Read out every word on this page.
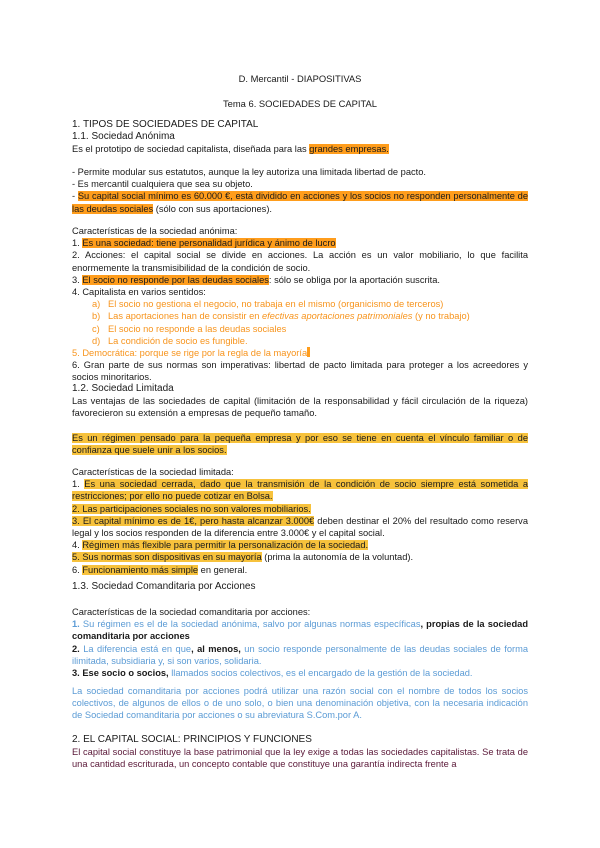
D. Mercantil - DIAPOSITIVAS
Tema 6. SOCIEDADES DE CAPITAL

1. TIPOS DE SOCIEDADES DE CAPITAL

1.1. Sociedad Anónima

Es el prototipo de sociedad capitalista, diseñada para las grandes empresas.

- Permite modular sus estatutos, aunque la ley autoriza una limitada libertad de pacto.

- Es mercantil cualquiera que sea su objeto.

- Su capital social mínimo es 60.000 €, está dividido en acciones y los socios no responden personalmente de las deudas sociales (sólo con sus aportaciones).

Características de la sociedad anónima:

1. Es una sociedad: tiene personalidad jurídica y ánimo de lucro

2. Acciones: el capital social se divide en acciones. La acción es un valor mobiliario, lo que facilita enormemente la transmisibilidad de la condición de socio.

3. El socio no responde por las deudas sociales: sólo se obliga por la aportación suscrita.

4. Capitalista en varios sentidos:

a) El socio no gestiona el negocio, no trabaja en el mismo (organicismo de terceros)

b) Las aportaciones han de consistir en efectivas aportaciones patrimoniales (y no trabajo)

c) El socio no responde a las deudas sociales

d) La condición de socio es fungible.

5. Democrática: porque se rige por la regla de la mayoría

6. Gran parte de sus normas son imperativas: libertad de pacto limitada para proteger a los acreedores y socios minoritarios.

1.2. Sociedad Limitada

Las ventajas de las sociedades de capital (limitación de la responsabilidad y fácil circulación de la riqueza) favorecieron su extensión a empresas de pequeño tamaño.

Es un régimen pensado para la pequeña empresa y por eso se tiene en cuenta el vínculo familiar o de confianza que suele unir a los socios.

Características de la sociedad limitada:

1. Es una sociedad cerrada, dado que la transmisión de la condición de socio siempre está sometida a restricciones; por ello no puede cotizar en Bolsa.

2. Las participaciones sociales no son valores mobiliarios.

3. El capital mínimo es de 1€, pero hasta alcanzar 3.000€ deben destinar el 20% del resultado como reserva legal y los socios responden de la diferencia entre 3.000€ y el capital social.

4. Régimen más flexible para permitir la personalización de la sociedad.

5. Sus normas son dispositivas en su mayoría (prima la autonomía de la voluntad).

6. Funcionamiento más simple en general.

1.3. Sociedad Comanditaria por Acciones

Características de la sociedad comanditaria por acciones:

1. Su régimen es el de la sociedad anónima, salvo por algunas normas específicas, propias de la sociedad comanditaria por acciones

2. La diferencia está en que, al menos, un socio responde personalmente de las deudas sociales de forma ilimitada, subsidiaria y, si son varios, solidaria.

3. Ese socio o socios, llamados socios colectivos, es el encargado de la gestión de la sociedad.

La sociedad comanditaria por acciones podrá utilizar una razón social con el nombre de todos los socios colectivos, de algunos de ellos o de uno solo, o bien una denominación objetiva, con la necesaria indicación de Sociedad comanditaria por acciones o su abreviatura S.Com.por A.

2. EL CAPITAL SOCIAL: PRINCIPIOS Y FUNCIONES

El capital social constituye la base patrimonial que la ley exige a todas las sociedades capitalistas. Se trata de una cantidad escriturada, un concepto contable que constituye una garantía indirecta frente a
